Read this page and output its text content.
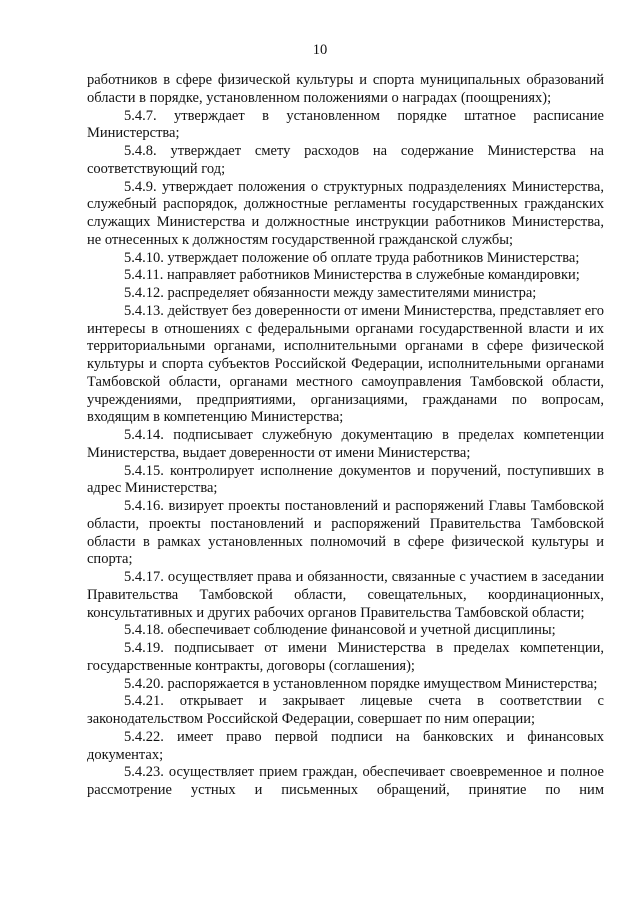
10

работников в сфере физической культуры и спорта муниципальных образований области в порядке, установленном положениями о наградах (поощрениях);

5.4.7. утверждает в установленном порядке штатное расписание Министерства;

5.4.8. утверждает смету расходов на содержание Министерства на соответствующий год;

5.4.9. утверждает положения о структурных подразделениях Министерства, служебный распорядок, должностные регламенты государственных гражданских служащих Министерства и должностные инструкции работников Министерства, не отнесенных к должностям государственной гражданской службы;

5.4.10. утверждает положение об оплате труда работников Министерства;

5.4.11. направляет работников Министерства в служебные командировки;

5.4.12. распределяет обязанности между заместителями министра;

5.4.13. действует без доверенности от имени Министерства, представляет его интересы в отношениях с федеральными органами государственной власти и их территориальными органами, исполнительными органами в сфере физической культуры и спорта субъектов Российской Федерации, исполнительными органами Тамбовской области, органами местного самоуправления Тамбовской области, учреждениями, предприятиями, организациями, гражданами по вопросам, входящим в компетенцию Министерства;

5.4.14. подписывает служебную документацию в пределах компетенции Министерства, выдает доверенности от имени Министерства;

5.4.15. контролирует исполнение документов и поручений, поступивших в адрес Министерства;

5.4.16. визирует проекты постановлений и распоряжений Главы Тамбовской области, проекты постановлений и распоряжений Правительства Тамбовской области в рамках установленных полномочий в сфере физической культуры и спорта;

5.4.17. осуществляет права и обязанности, связанные с участием в заседании Правительства Тамбовской области, совещательных, координационных, консультативных и других рабочих органов Правительства Тамбовской области;

5.4.18. обеспечивает соблюдение финансовой и учетной дисциплины;

5.4.19. подписывает от имени Министерства в пределах компетенции, государственные контракты, договоры (соглашения);

5.4.20. распоряжается в установленном порядке имуществом Министерства;

5.4.21. открывает и закрывает лицевые счета в соответствии с законодательством Российской Федерации, совершает по ним операции;

5.4.22. имеет право первой подписи на банковских и финансовых документах;

5.4.23. осуществляет прием граждан, обеспечивает своевременное и полное рассмотрение устных и письменных обращений, принятие по ним
